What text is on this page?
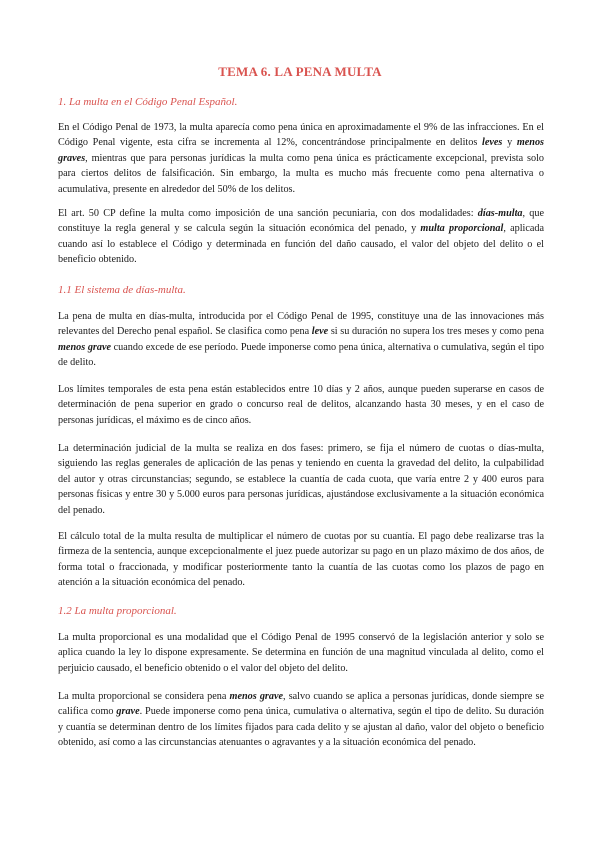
TEMA 6. LA PENA MULTA
1. La multa en el Código Penal Español.

En el Código Penal de 1973, la multa aparecía como pena única en aproximadamente el 9% de las infracciones. En el Código Penal vigente, esta cifra se incrementa al 12%, concentrándose principalmente en delitos leves y menos graves, mientras que para personas jurídicas la multa como pena única es prácticamente excepcional, prevista solo para ciertos delitos de falsificación. Sin embargo, la multa es mucho más frecuente como pena alternativa o acumulativa, presente en alrededor del 50% de los delitos.

El art. 50 CP define la multa como imposición de una sanción pecuniaria, con dos modalidades: días-multa, que constituye la regla general y se calcula según la situación económica del penado, y multa proporcional, aplicada cuando así lo establece el Código y determinada en función del daño causado, el valor del objeto del delito o el beneficio obtenido.

1.1 El sistema de días-multa.

La pena de multa en días-multa, introducida por el Código Penal de 1995, constituye una de las innovaciones más relevantes del Derecho penal español. Se clasifica como pena leve si su duración no supera los tres meses y como pena menos grave cuando excede de ese período. Puede imponerse como pena única, alternativa o cumulativa, según el tipo de delito.

Los límites temporales de esta pena están establecidos entre 10 días y 2 años, aunque pueden superarse en casos de determinación de pena superior en grado o concurso real de delitos, alcanzando hasta 30 meses, y en el caso de personas jurídicas, el máximo es de cinco años.

La determinación judicial de la multa se realiza en dos fases: primero, se fija el número de cuotas o días-multa, siguiendo las reglas generales de aplicación de las penas y teniendo en cuenta la gravedad del delito, la culpabilidad del autor y otras circunstancias; segundo, se establece la cuantía de cada cuota, que varía entre 2 y 400 euros para personas físicas y entre 30 y 5.000 euros para personas jurídicas, ajustándose exclusivamente a la situación económica del penado.

El cálculo total de la multa resulta de multiplicar el número de cuotas por su cuantía. El pago debe realizarse tras la firmeza de la sentencia, aunque excepcionalmente el juez puede autorizar su pago en un plazo máximo de dos años, de forma total o fraccionada, y modificar posteriormente tanto la cuantía de las cuotas como los plazos de pago en atención a la situación económica del penado.

1.2 La multa proporcional.

La multa proporcional es una modalidad que el Código Penal de 1995 conservó de la legislación anterior y solo se aplica cuando la ley lo dispone expresamente. Se determina en función de una magnitud vinculada al delito, como el perjuicio causado, el beneficio obtenido o el valor del objeto del delito.

La multa proporcional se considera pena menos grave, salvo cuando se aplica a personas jurídicas, donde siempre se califica como grave. Puede imponerse como pena única, cumulativa o alternativa, según el tipo de delito. Su duración y cuantía se determinan dentro de los límites fijados para cada delito y se ajustan al daño, valor del objeto o beneficio obtenido, así como a las circunstancias atenuantes o agravantes y a la situación económica del penado.
